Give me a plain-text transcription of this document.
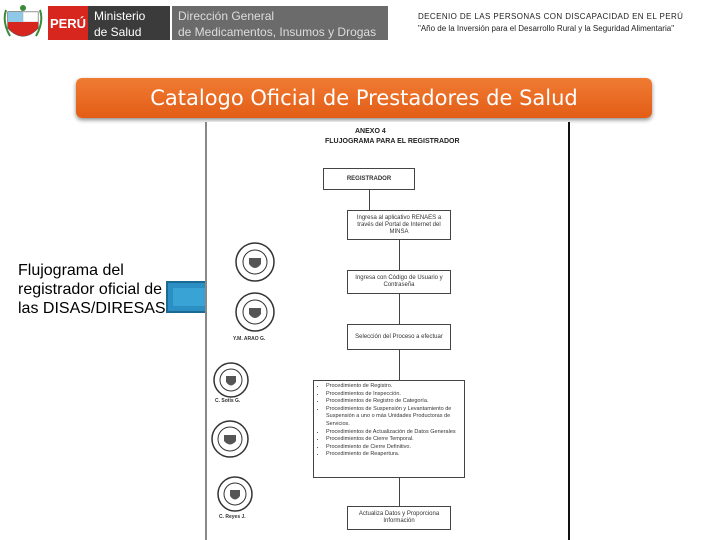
PERÚ Ministerio
de Salud
Dirección General
de Medicamentos, Insumos y Drogas
DECENIO DE LAS PERSONAS CON DISCAPACIDAD EN EL PERÚ
"Año de la Inversión para el Desarrollo Rural y la Seguridad Alimentaria"
Catalogo Oficial de Prestadores de Salud
Flujograma del registrador oficial de las DISAS/DIRESAS
ANEXO 4
FLUJOGRAMA PARA EL REGISTRADOR
REGISTRADOR
Ingresa al aplicativo RENAES a través del Portal de Internet del MINSA
Ingresa con Código de Usuario y Contraseña
Selección del Proceso a efectuar
• Procedimiento de Registro.
• Procedimientos de Inspección.
• Procedimientos de Registro de Categoría.
• Procedimientos de Suspensión y Levantamiento de Suspensión a uno o más Unidades Productoras de Servicios.
• Procedimientos de Actualización de Datos Generales
• Procedimientos de Cierre Temporal.
• Procedimiento de Cierre Definitivo.
• Procedimiento de Reapertura.
Actualiza Datos y Proporciona Información
Y.M. ARAO G.
C. Sotis G.
C. Reyes J.
